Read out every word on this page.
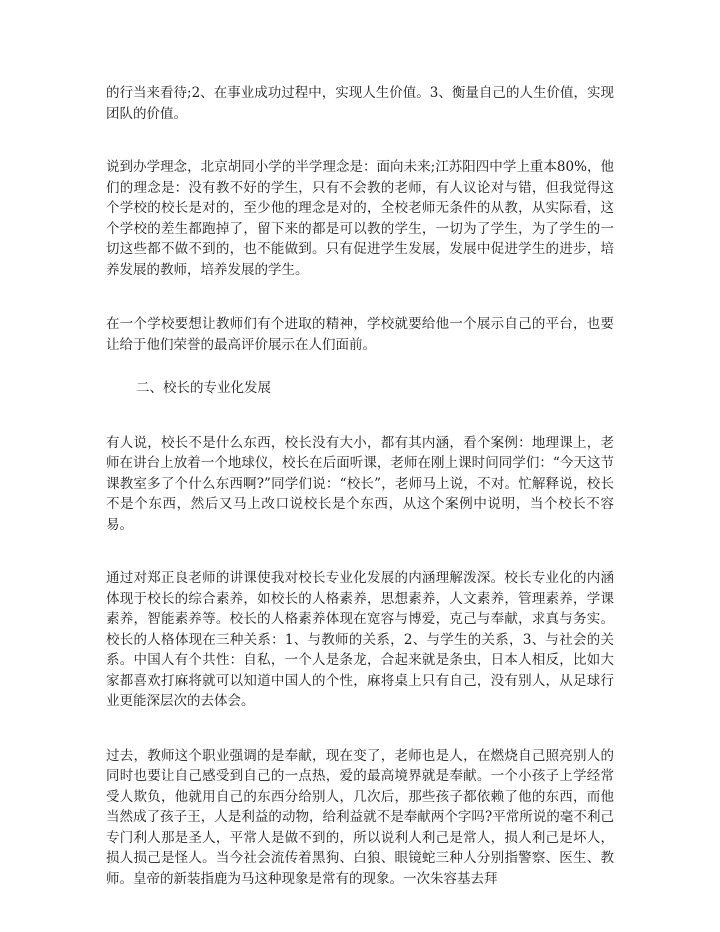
的行当来看待;2、在事业成功过程中，实现人生价值。3、衡量自己的人生价值，实现团队的价值。

说到办学理念，北京胡同小学的半学理念是：面向未来;江苏阳四中学上重本80%，他们的理念是：没有教不好的学生，只有不会教的老师，有人议论对与错，但我觉得这个学校的校长是对的，至少他的理念是对的，全校老师无条件的从教，从实际看，这个学校的差生都跑掉了，留下来的都是可以教的学生，一切为了学生，为了学生的一切这些都不做不到的，也不能做到。只有促进学生发展，发展中促进学生的进步，培养发展的教师，培养发展的学生。

在一个学校要想让教师们有个进取的精神，学校就要给他一个展示自己的平台，也要让给于他们荣誉的最高评价展示在人们面前。

二、校长的专业化发展

有人说，校长不是什么东西，校长没有大小，都有其内涵，看个案例：地理课上，老师在讲台上放着一个地球仪，校长在后面听课，老师在刚上课时问同学们：“今天这节课教室多了个什么东西啊?”同学们说：“校长”，老师马上说，不对。忙解释说，校长不是个东西，然后又马上改口说校长是个东西，从这个案例中说明，当个校长不容易。

通过对郑正良老师的讲课使我对校长专业化发展的内涵理解泼深。校长专业化的内涵体现于校长的综合素养，如校长的人格素养，思想素养，人文素养，管理素养，学课素养，智能素养等。校长的人格素养体现在宽容与博爱，克己与奉献，求真与务实。校长的人格体现在三种关系：1、与教师的关系，2、与学生的关系，3、与社会的关系。中国人有个共性：自私，一个人是条龙，合起来就是条虫，日本人相反，比如大家都喜欢打麻将就可以知道中国人的个性，麻将桌上只有自己，没有别人，从足球行业更能深层次的去体会。

过去，教师这个职业强调的是奉献，现在变了，老师也是人，在燃烧自己照亮别人的同时也要让自己感受到自己的一点热，爱的最高境界就是奉献。一个小孩子上学经常受人欺负，他就用自己的东西分给别人，几次后，那些孩子都依赖了他的东西，而他当然成了孩子王，人是利益的动物，给利益就不是奉献两个字吗?平常所说的毫不利己专门利人那是圣人，平常人是做不到的，所以说利人利己是常人，损人利己是坏人，损人损己是怪人。当今社会流传着黑狗、白狼、眼镜蛇三种人分别指警察、医生、教师。皇帝的新装指鹿为马这种现象是常有的现象。一次朱容基去拜
